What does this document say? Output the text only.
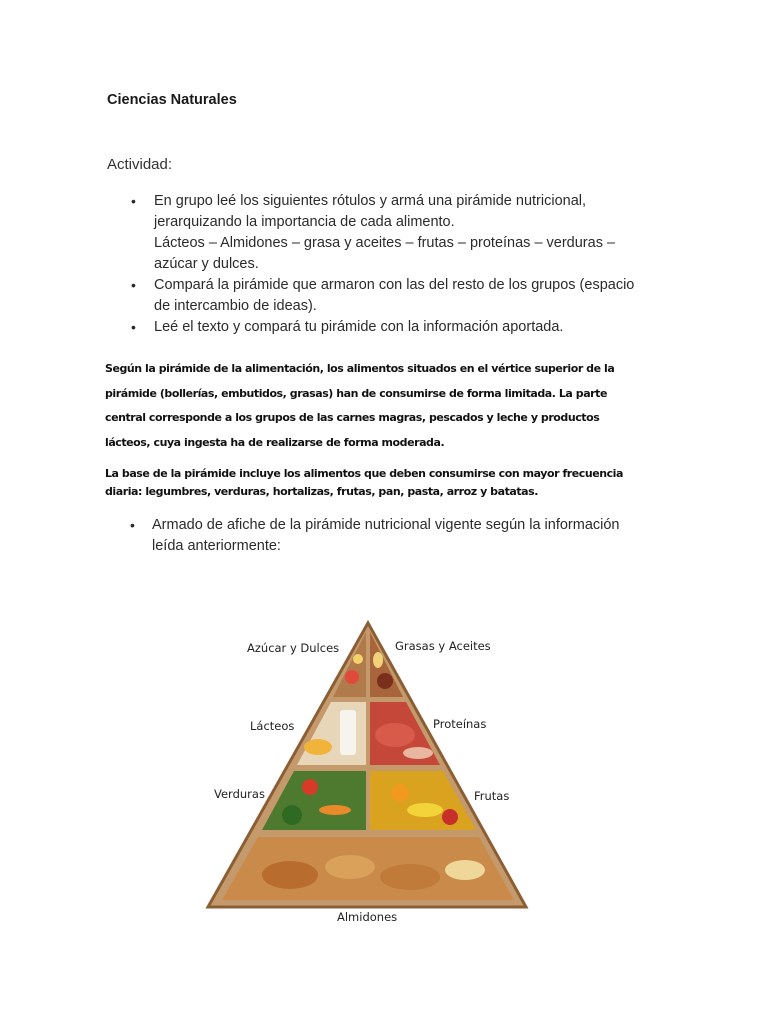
Ciencias Naturales
Actividad:
• En grupo leé los siguientes rótulos y armá una pirámide nutricional,
jerarquizando la importancia de cada alimento.
Lácteos – Almidones – grasa y aceites – frutas – proteínas – verduras –
azúcar y dulces.
• Compará la pirámide que armaron con las del resto de los grupos (espacio
de intercambio de ideas).
• Leé el texto y compará tu pirámide con la información aportada.
Según la pirámide de la alimentación, los alimentos situados en el vértice superior de la
pirámide (bollerías, embutidos, grasas) han de consumirse de forma limitada. La parte
central corresponde a los grupos de las carnes magras, pescados y leche y productos
lácteos, cuya ingesta ha de realizarse de forma moderada.
La base de la pirámide incluye los alimentos que deben consumirse con mayor frecuencia
diaria: legumbres, verduras, hortalizas, frutas, pan, pasta, arroz y batatas.
• Armado de afiche de la pirámide nutricional vigente según la información
leída anteriormente:
Azúcar y Dulces	Grasas y Aceites
Lácteos	Proteínas
Verduras	Frutas
Almidones
